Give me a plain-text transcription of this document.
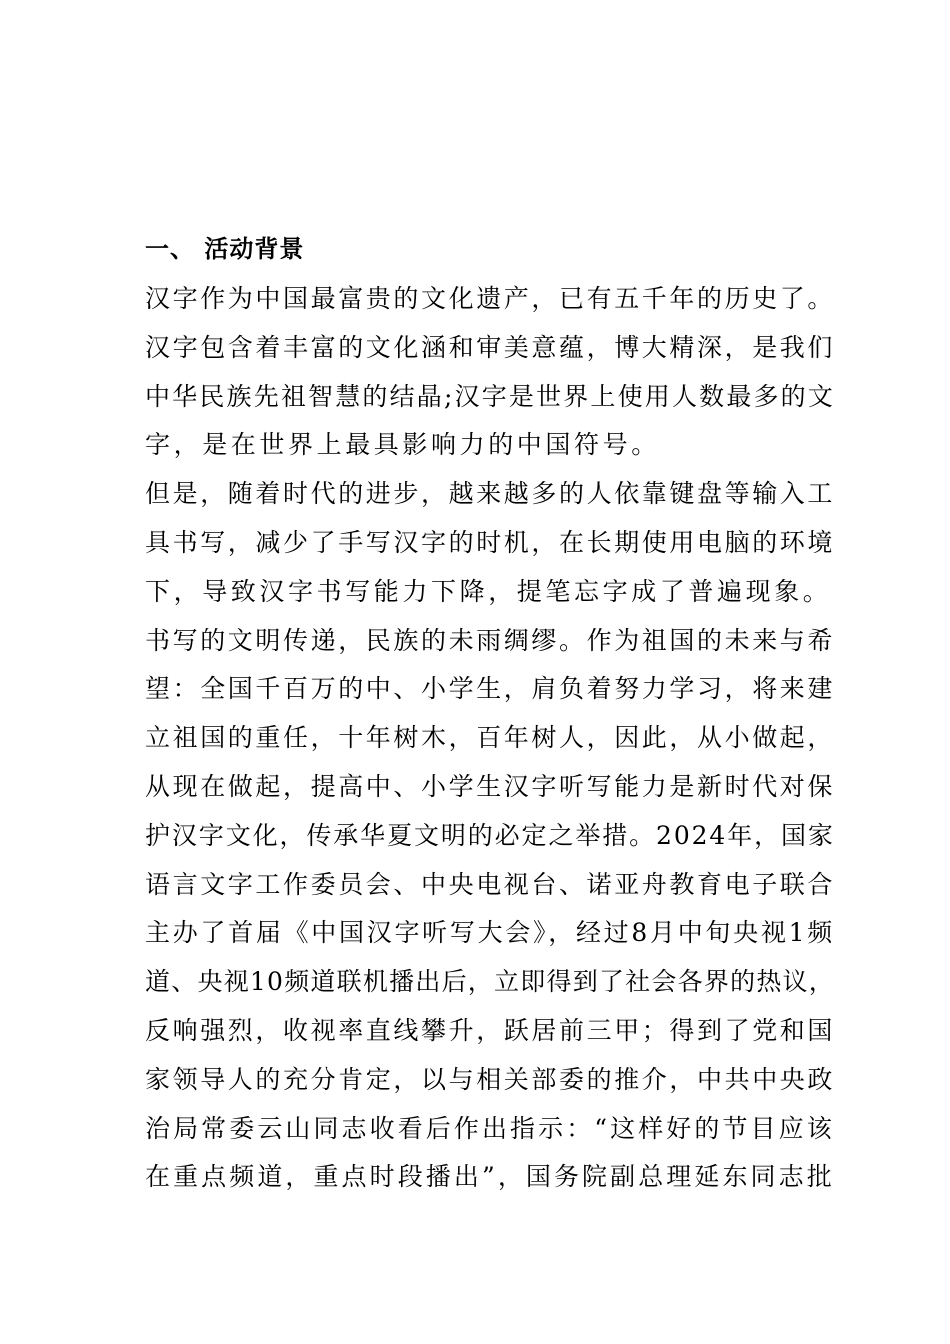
一、 活动背景
汉字作为中国最富贵的文化遗产，已有五千年的历史了。
汉字包含着丰富的文化涵和审美意蕴，博大精深，是我们
中华民族先祖智慧的结晶;汉字是世界上使用人数最多的文
字，是在世界上最具影响力的中国符号。
但是，随着时代的进步，越来越多的人依靠键盘等输入工
具书写，减少了手写汉字的时机，在长期使用电脑的环境
下，导致汉字书写能力下降，提笔忘字成了普遍现象。
书写的文明传递，民族的未雨绸缪。作为祖国的未来与希
望：全国千百万的中、小学生，肩负着努力学习，将来建
立祖国的重任，十年树木，百年树人，因此，从小做起，
从现在做起，提高中、小学生汉字听写能力是新时代对保
护汉字文化，传承华夏文明的必定之举措。2024年，国家
语言文字工作委员会、中央电视台、诺亚舟教育电子联合
主办了首届《中国汉字听写大会》，经过8月中旬央视1频
道、央视10频道联机播出后，立即得到了社会各界的热议，
反响强烈，收视率直线攀升，跃居前三甲；得到了党和国
家领导人的充分肯定，以与相关部委的推介，中共中央政
治局常委云山同志收看后作出指示：“这样好的节目应该
在重点频道，重点时段播出”，国务院副总理延东同志批
